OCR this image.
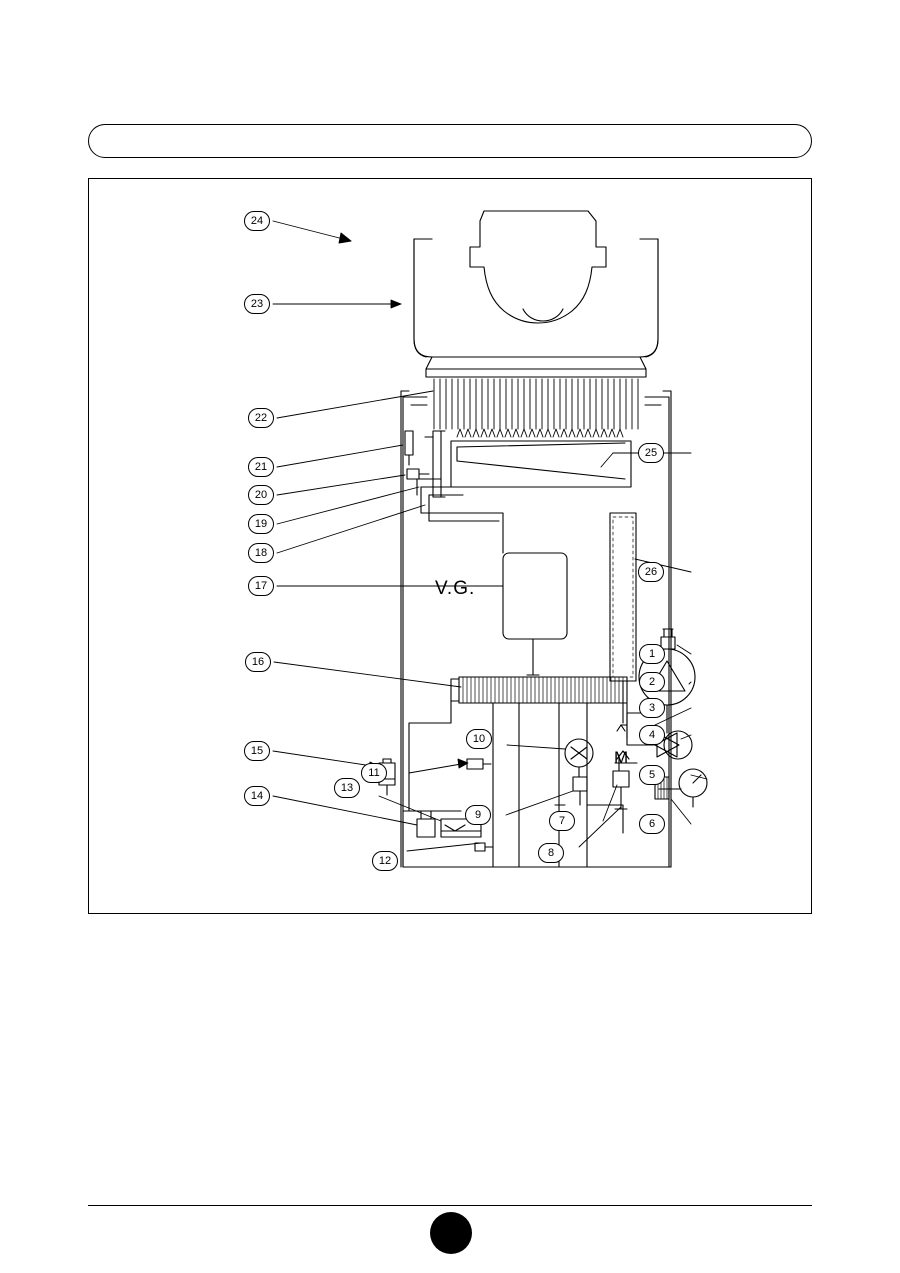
V.G.
M
24
23
22
21
20
19
18
17
16
15
14
13
12
11
10
9
8
7	6
5
4
3
2
1
25
26
